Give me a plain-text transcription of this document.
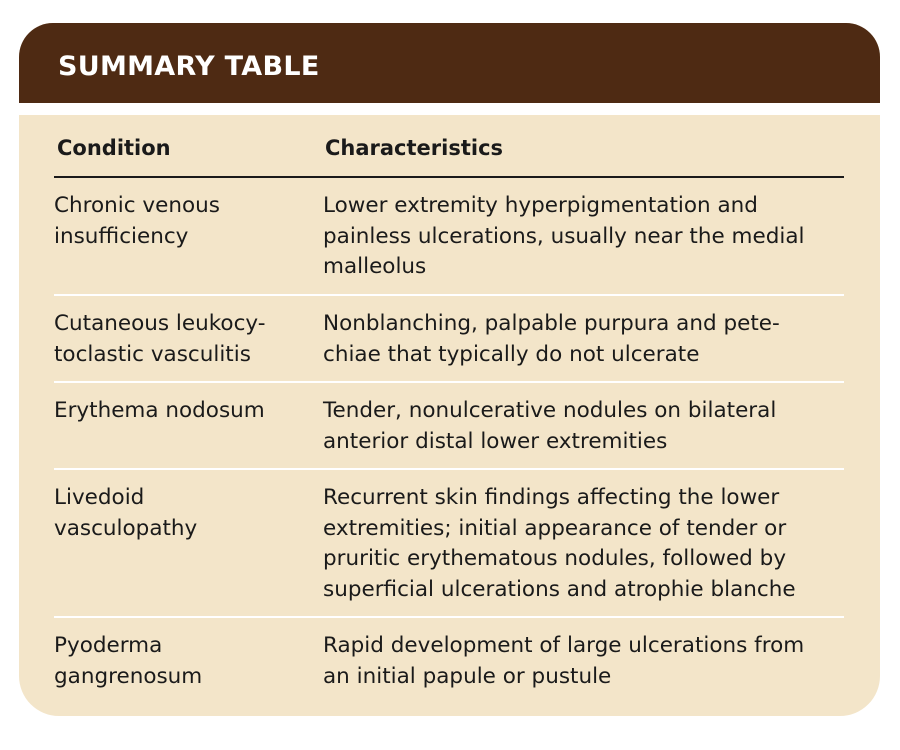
SUMMARY TABLE
Condition	Characteristics
Chronic venous
insufficiency
Lower extremity hyperpigmentation and
painless ulcerations, usually near the medial
malleolus
Cutaneous leukocy-
toclastic vasculitis
Nonblanching, palpable purpura and pete-
chiae that typically do not ulcerate
Erythema nodosum	Tender, nonulcerative nodules on bilateral
anterior distal lower extremities
Livedoid
vasculopathy
Recurrent skin findings affecting the lower
extremities; initial appearance of tender or
pruritic erythematous nodules, followed by
superficial ulcerations and atrophie blanche
Pyoderma
gangrenosum
Rapid development of large ulcerations from
an initial papule or pustule
